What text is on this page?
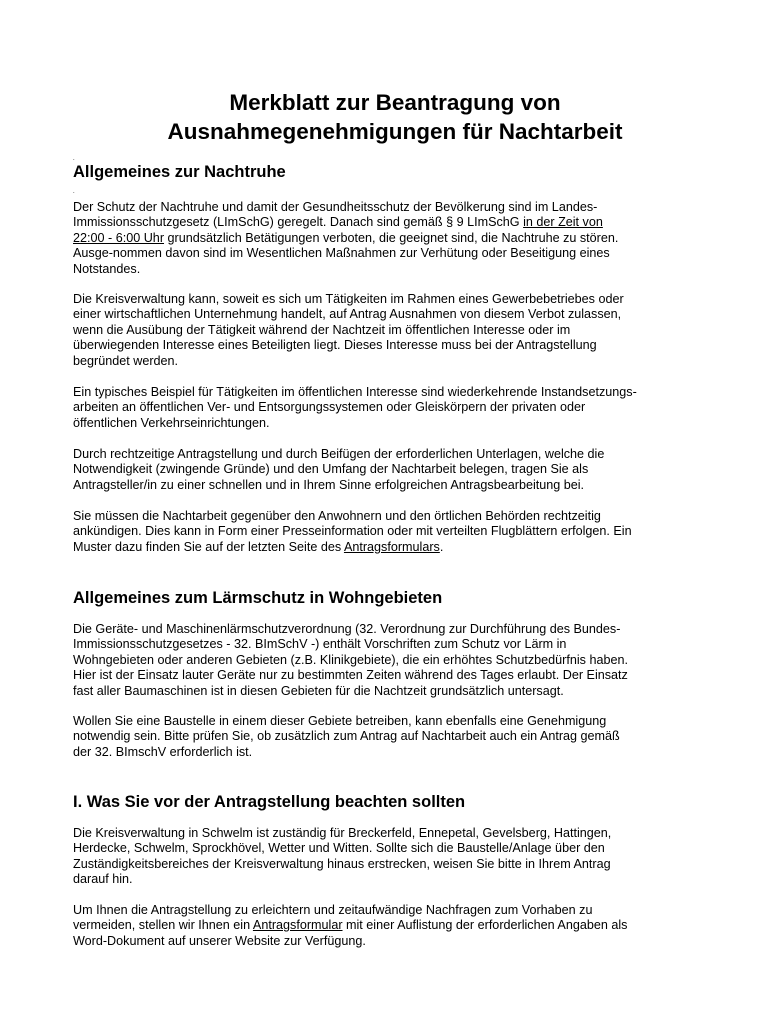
Merkblatt zur Beantragung von
Ausnahmegenehmigungen für Nachtarbeit
.
Allgemeines zur Nachtruhe
.
Der Schutz der Nachtruhe und damit der Gesundheitsschutz der Bevölkerung sind im Landes-
Immissionsschutzgesetz (LImSchG) geregelt. Danach sind gemäß § 9 LImSchG in der Zeit von
22:00 - 6:00 Uhr grundsätzlich Betätigungen verboten, die geeignet sind, die Nachtruhe zu stören.
Ausge-nommen davon sind im Wesentlichen Maßnahmen zur Verhütung oder Beseitigung eines
Notstandes.
Die Kreisverwaltung kann, soweit es sich um Tätigkeiten im Rahmen eines Gewerbebetriebes oder
einer wirtschaftlichen Unternehmung handelt, auf Antrag Ausnahmen von diesem Verbot zulassen,
wenn die Ausübung der Tätigkeit während der Nachtzeit im öffentlichen Interesse oder im
überwiegenden Interesse eines Beteiligten liegt. Dieses Interesse muss bei der Antragstellung
begründet werden.
Ein typisches Beispiel für Tätigkeiten im öffentlichen Interesse sind wiederkehrende Instandsetzungs-
arbeiten an öffentlichen Ver- und Entsorgungssystemen oder Gleiskörpern der privaten oder
öffentlichen Verkehrseinrichtungen.
Durch rechtzeitige Antragstellung und durch Beifügen der erforderlichen Unterlagen, welche die
Notwendigkeit (zwingende Gründe) und den Umfang der Nachtarbeit belegen, tragen Sie als
Antragsteller/in zu einer schnellen und in Ihrem Sinne erfolgreichen Antragsbearbeitung bei.
Sie müssen die Nachtarbeit gegenüber den Anwohnern und den örtlichen Behörden rechtzeitig
ankündigen. Dies kann in Form einer Presseinformation oder mit verteilten Flugblättern erfolgen. Ein
Muster dazu finden Sie auf der letzten Seite des Antragsformulars.
Allgemeines zum Lärmschutz in Wohngebieten
Die Geräte- und Maschinenlärmschutzverordnung (32. Verordnung zur Durchführung des Bundes-
Immissionsschutzgesetzes - 32. BImSchV -) enthält Vorschriften zum Schutz vor Lärm in
Wohngebieten oder anderen Gebieten (z.B. Klinikgebiete), die ein erhöhtes Schutzbedürfnis haben.
Hier ist der Einsatz lauter Geräte nur zu bestimmten Zeiten während des Tages erlaubt. Der Einsatz
fast aller Baumaschinen ist in diesen Gebieten für die Nachtzeit grundsätzlich untersagt.
Wollen Sie eine Baustelle in einem dieser Gebiete betreiben, kann ebenfalls eine Genehmigung
notwendig sein. Bitte prüfen Sie, ob zusätzlich zum Antrag auf Nachtarbeit auch ein Antrag gemäß
der 32. BImschV erforderlich ist.
I. Was Sie vor der Antragstellung beachten sollten
Die Kreisverwaltung in Schwelm ist zuständig für Breckerfeld, Ennepetal, Gevelsberg, Hattingen,
Herdecke, Schwelm, Sprockhövel, Wetter und Witten. Sollte sich die Baustelle/Anlage über den
Zuständigkeitsbereiches der Kreisverwaltung hinaus erstrecken, weisen Sie bitte in Ihrem Antrag
darauf hin.
Um Ihnen die Antragstellung zu erleichtern und zeitaufwändige Nachfragen zum Vorhaben zu
vermeiden, stellen wir Ihnen ein Antragsformular mit einer Auflistung der erforderlichen Angaben als
Word-Dokument auf unserer Website zur Verfügung.
